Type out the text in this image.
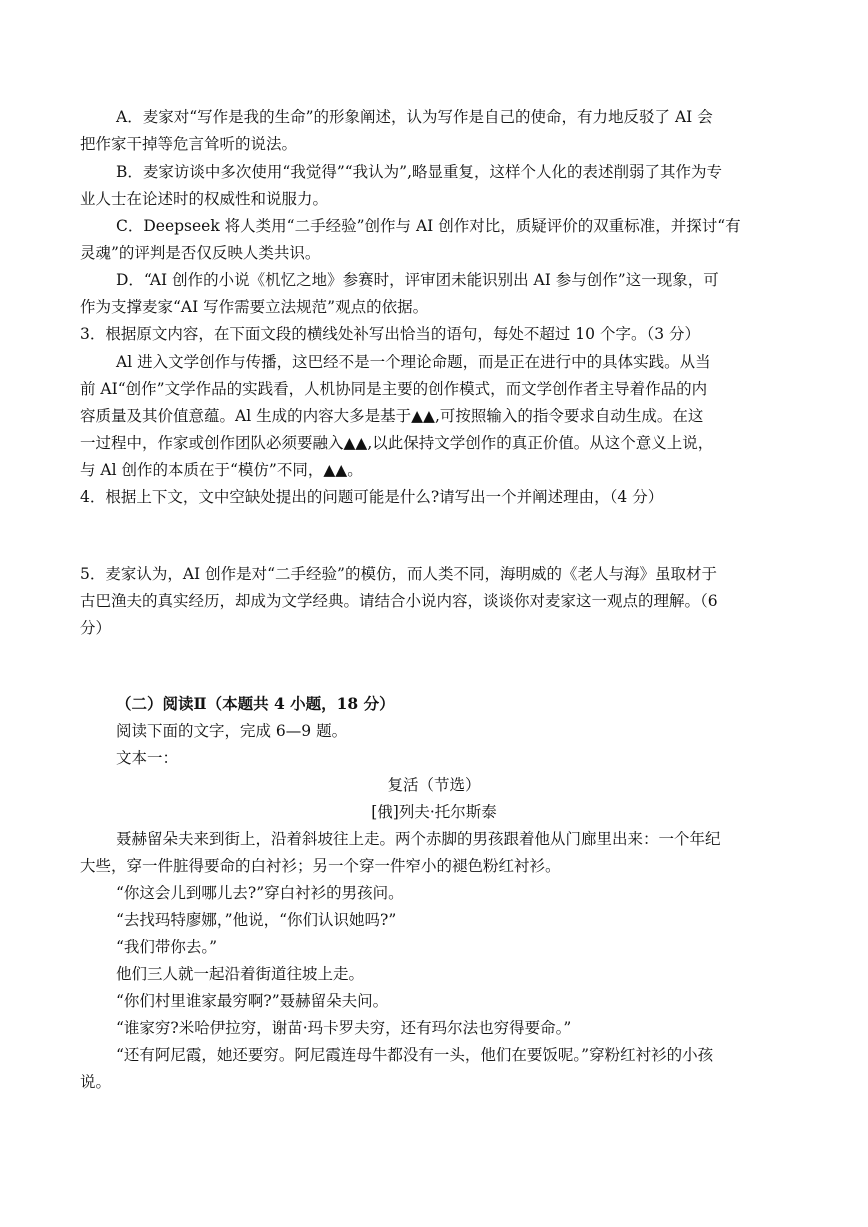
A．麦家对“写作是我的生命”的形象阐述，认为写作是自己的使命，有力地反驳了 AI 会
把作家干掉等危言耸听的说法。
B．麦家访谈中多次使用“我觉得”“我认为”,略显重复，这样个人化的表述削弱了其作为专
业人士在论述时的权威性和说服力。
C．Deepseek 将人类用“二手经验”创作与 AI 创作对比，质疑评价的双重标准，并探讨“有
灵魂”的评判是否仅反映人类共识。
D．“AI 创作的小说《机忆之地》参赛时，评审团未能识别出 AI 参与创作”这一现象，可
作为支撑麦家“AI 写作需要立法规范”观点的依据。
3．根据原文内容，在下面文段的横线处补写出恰当的语句，每处不超过 10 个字。（3 分）
Al 进入文学创作与传播，这巴经不是一个理论命题，而是正在进行中的具体实践。从当
前 AI“创作”文学作品的实践看，人机协同是主要的创作模式，而文学创作者主导着作品的内
容质量及其价值意蕴。Al 生成的内容大多是基于▲▲,可按照输入的指令要求自动生成。在这
一过程中，作家或创作团队必须要融入▲▲,以此保持文学创作的真正价值。从这个意义上说，
与 Al 创作的本质在于“模仿”不同，▲▲。
4．根据上下文，文中空缺处提出的问题可能是什么?请写出一个并阐述理由，（4 分）
5．麦家认为，AI 创作是对“二手经验”的模仿，而人类不同，海明威的《老人与海》虽取材于
古巴渔夫的真实经历，却成为文学经典。请结合小说内容，谈谈你对麦家这一观点的理解。（6
分）
（二）阅读Ⅱ（本题共 4 小题，18 分）
阅读下面的文字，完成 6—9 题。
文本一：
复活（节选）
[俄]列夫·托尔斯泰
聂赫留朵夫来到街上，沿着斜坡往上走。两个赤脚的男孩跟着他从门廊里出来：一个年纪
大些，穿一件脏得要命的白衬衫；另一个穿一件窄小的褪色粉红衬衫。
“你这会儿到哪儿去?”穿白衬衫的男孩问。
“去找玛特廖娜，”他说，“你们认识她吗?”
“我们带你去。”
他们三人就一起沿着街道往坡上走。
“你们村里谁家最穷啊?”聂赫留朵夫问。
“谁家穷?米哈伊拉穷，谢苗·玛卡罗夫穷，还有玛尔法也穷得要命。”
“还有阿尼霞，她还要穷。阿尼霞连母牛都没有一头，他们在要饭呢。”穿粉红衬衫的小孩
说。
